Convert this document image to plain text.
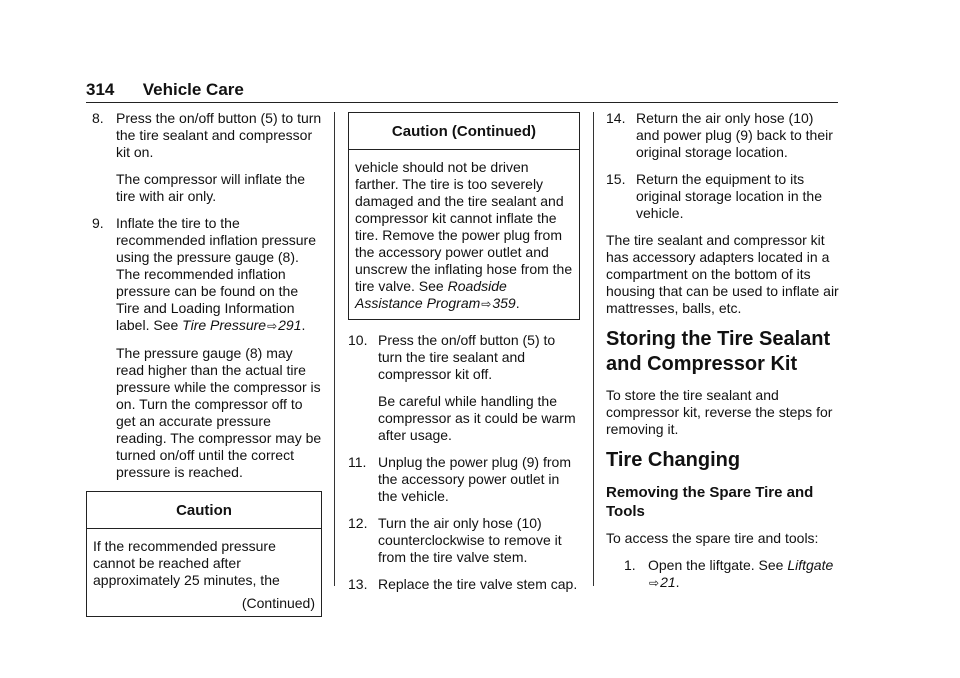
314 Vehicle Care
8. Press the on/off button (5) to turn the tire sealant and compressor kit on.

The compressor will inflate the tire with air only.

9. Inflate the tire to the recommended inflation pressure using the pressure gauge (8). The recommended inflation pressure can be found on the Tire and Loading Information label. See Tire Pressure⇨291.

The pressure gauge (8) may read higher than the actual tire pressure while the compressor is on. Turn the compressor off to get an accurate pressure reading. The compressor may be turned on/off until the correct pressure is reached.

Caution
If the recommended pressure cannot be reached after approximately 25 minutes, the
(Continued)
Caution (Continued)
vehicle should not be driven farther. The tire is too severely damaged and the tire sealant and compressor kit cannot inflate the tire. Remove the power plug from the accessory power outlet and unscrew the inflating hose from the tire valve. See Roadside Assistance Program⇨359.
10. Press the on/off button (5) to turn the tire sealant and compressor kit off.

Be careful while handling the compressor as it could be warm after usage.

11. Unplug the power plug (9) from the accessory power outlet in the vehicle.

12. Turn the air only hose (10) counterclockwise to remove it from the tire valve stem.

13. Replace the tire valve stem cap.

14. Return the air only hose (10) and power plug (9) back to their original storage location.

15. Return the equipment to its original storage location in the vehicle.

The tire sealant and compressor kit has accessory adapters located in a compartment on the bottom of its housing that can be used to inflate air mattresses, balls, etc.

Storing the Tire Sealant and Compressor Kit

To store the tire sealant and compressor kit, reverse the steps for removing it.

Tire Changing
Removing the Spare Tire and Tools

To access the spare tire and tools:

1. Open the liftgate. See Liftgate
⇨21.
